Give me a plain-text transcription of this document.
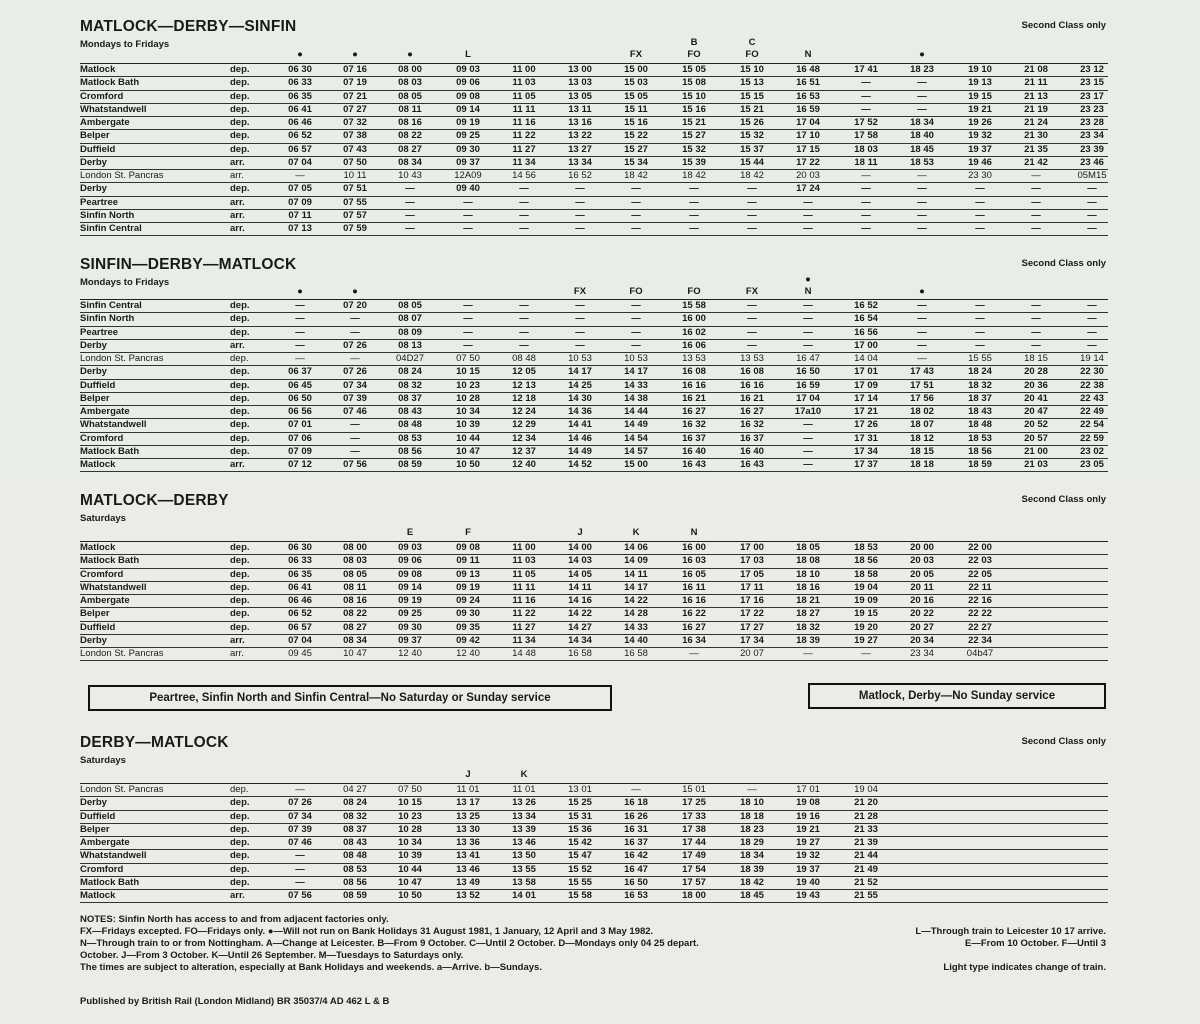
MATLOCK—DERBY—SINFIN
Mondays to Fridays
Second Class only
B	C
●	●	●	L	FX	FO	FO	N	●
Matlock	dep.	06 30	07 16	08 00	09 03	11 00	13 00	15 00	15 05	15 10	16 48	17 41	18 23	19 10	21 08	23 12
Matlock Bath	dep.	06 33	07 19	08 03	09 06	11 03	13 03	15 03	15 08	15 13	16 51	—	—	19 13	21 11	23 15
Cromford	dep.	06 35	07 21	08 05	09 08	11 05	13 05	15 05	15 10	15 15	16 53	—	—	19 15	21 13	23 17
Whatstandwell	dep.	06 41	07 27	08 11	09 14	11 11	13 11	15 11	15 16	15 21	16 59	—	—	19 21	21 19	23 23
Ambergate	dep.	06 46	07 32	08 16	09 19	11 16	13 16	15 16	15 21	15 26	17 04	17 52	18 34	19 26	21 24	23 28
Belper	dep.	06 52	07 38	08 22	09 25	11 22	13 22	15 22	15 27	15 32	17 10	17 58	18 40	19 32	21 30	23 34
Duffield	dep.	06 57	07 43	08 27	09 30	11 27	13 27	15 27	15 32	15 37	17 15	18 03	18 45	19 37	21 35	23 39
Derby	arr.	07 04	07 50	08 34	09 37	11 34	13 34	15 34	15 39	15 44	17 22	18 11	18 53	19 46	21 42	23 46
London St. Pancras	arr.	—	10 11	10 43	12A09	14 56	16 52	18 42	18 42	18 42	20 03	—	—	23 30	—	05M15
Derby	dep.	07 05	07 51	—	09 40	—	—	—	—	—	17 24	—	—	—	—	—
Peartree	arr.	07 09	07 55	—	—	—	—	—	—	—	—	—	—	—	—	—
Sinfin North	arr.	07 11	07 57	—	—	—	—	—	—	—	—	—	—	—	—	—
Sinfin Central	arr.	07 13	07 59	—	—	—	—	—	—	—	—	—	—	—	—	—
SINFIN—DERBY—MATLOCK
Mondays to Fridays
Second Class only
●
●	●	FX	FO	FO	FX	N	●
Sinfin Central	dep.	—	07 20	08 05	—	—	—	—	15 58	—	—	16 52	—	—	—	—
Sinfin North	dep.	—	—	08 07	—	—	—	—	16 00	—	—	16 54	—	—	—	—
Peartree	dep.	—	—	08 09	—	—	—	—	16 02	—	—	16 56	—	—	—	—
Derby	arr.	—	07 26	08 13	—	—	—	—	16 06	—	—	17 00	—	—	—	—
London St. Pancras	dep.	—	—	04D27	07 50	08 48	10 53	10 53	13 53	13 53	16 47	14 04	—	15 55	18 15	19 14
Derby	dep.	06 37	07 26	08 24	10 15	12 05	14 17	14 17	16 08	16 08	16 50	17 01	17 43	18 24	20 28	22 30
Duffield	dep.	06 45	07 34	08 32	10 23	12 13	14 25	14 33	16 16	16 16	16 59	17 09	17 51	18 32	20 36	22 38
Belper	dep.	06 50	07 39	08 37	10 28	12 18	14 30	14 38	16 21	16 21	17 04	17 14	17 56	18 37	20 41	22 43
Ambergate	dep.	06 56	07 46	08 43	10 34	12 24	14 36	14 44	16 27	16 27	17a10	17 21	18 02	18 43	20 47	22 49
Whatstandwell	dep.	07 01	—	08 48	10 39	12 29	14 41	14 49	16 32	16 32	—	17 26	18 07	18 48	20 52	22 54
Cromford	dep.	07 06	—	08 53	10 44	12 34	14 46	14 54	16 37	16 37	—	17 31	18 12	18 53	20 57	22 59
Matlock Bath	dep.	07 09	—	08 56	10 47	12 37	14 49	14 57	16 40	16 40	—	17 34	18 15	18 56	21 00	23 02
Matlock	arr.	07 12	07 56	08 59	10 50	12 40	14 52	15 00	16 43	16 43	—	17 37	18 18	18 59	21 03	23 05
MATLOCK—DERBY
Saturdays
Second Class only
E	F	J	K	N
Matlock	dep.	06 30	08 00	09 03	09 08	11 00	14 00	14 06	16 00	17 00	18 05	18 53	20 00	22 00
Matlock Bath	dep.	06 33	08 03	09 06	09 11	11 03	14 03	14 09	16 03	17 03	18 08	18 56	20 03	22 03
Cromford	dep.	06 35	08 05	09 08	09 13	11 05	14 05	14 11	16 05	17 05	18 10	18 58	20 05	22 05
Whatstandwell	dep.	06 41	08 11	09 14	09 19	11 11	14 11	14 17	16 11	17 11	18 16	19 04	20 11	22 11
Ambergate	dep.	06 46	08 16	09 19	09 24	11 16	14 16	14 22	16 16	17 16	18 21	19 09	20 16	22 16
Belper	dep.	06 52	08 22	09 25	09 30	11 22	14 22	14 28	16 22	17 22	18 27	19 15	20 22	22 22
Duffield	dep.	06 57	08 27	09 30	09 35	11 27	14 27	14 33	16 27	17 27	18 32	19 20	20 27	22 27
Derby	arr.	07 04	08 34	09 37	09 42	11 34	14 34	14 40	16 34	17 34	18 39	19 27	20 34	22 34
London St. Pancras	arr.	09 45	10 47	12 40	12 40	14 48	16 58	16 58	—	20 07	—	—	23 34	04b47
Peartree, Sinfin North and Sinfin Central—No Saturday or Sunday service	Matlock, Derby—No Sunday service
DERBY—MATLOCK
Saturdays
Second Class only
J	K
London St. Pancras	dep.	—	04 27	07 50	11 01	11 01	13 01	—	15 01	—	17 01	19 04
Derby	dep.	07 26	08 24	10 15	13 17	13 26	15 25	16 18	17 25	18 10	19 08	21 20
Duffield	dep.	07 34	08 32	10 23	13 25	13 34	15 31	16 26	17 33	18 18	19 16	21 28
Belper	dep.	07 39	08 37	10 28	13 30	13 39	15 36	16 31	17 38	18 23	19 21	21 33
Ambergate	dep.	07 46	08 43	10 34	13 36	13 46	15 42	16 37	17 44	18 29	19 27	21 39
Whatstandwell	dep.	—	08 48	10 39	13 41	13 50	15 47	16 42	17 49	18 34	19 32	21 44
Cromford	dep.	—	08 53	10 44	13 46	13 55	15 52	16 47	17 54	18 39	19 37	21 49
Matlock Bath	dep.	—	08 56	10 47	13 49	13 58	15 55	16 50	17 57	18 42	19 40	21 52
Matlock	arr.	07 56	08 59	10 50	13 52	14 01	15 58	16 53	18 00	18 45	19 43	21 55
NOTES: Sinfin North has access to and from adjacent factories only.
FX—Fridays excepted. FO—Fridays only. ●—Will not run on Bank Holidays 31 August 1981, 1 January, 12 April and 3 May 1982.	L—Through train to Leicester 10 17 arrive.
N—Through train to or from Nottingham. A—Change at Leicester. B—From 9 October. C—Until 2 October. D—Mondays only 04 25 depart.	E—From 10 October. F—Until 3
October. J—From 3 October. K—Until 26 September. M—Tuesdays to Saturdays only.
The times are subject to alteration, especially at Bank Holidays and weekends. a—Arrive. b—Sundays.	Light type indicates change of train.
Published by British Rail (London Midland) BR 35037/4 AD 462 L & B
